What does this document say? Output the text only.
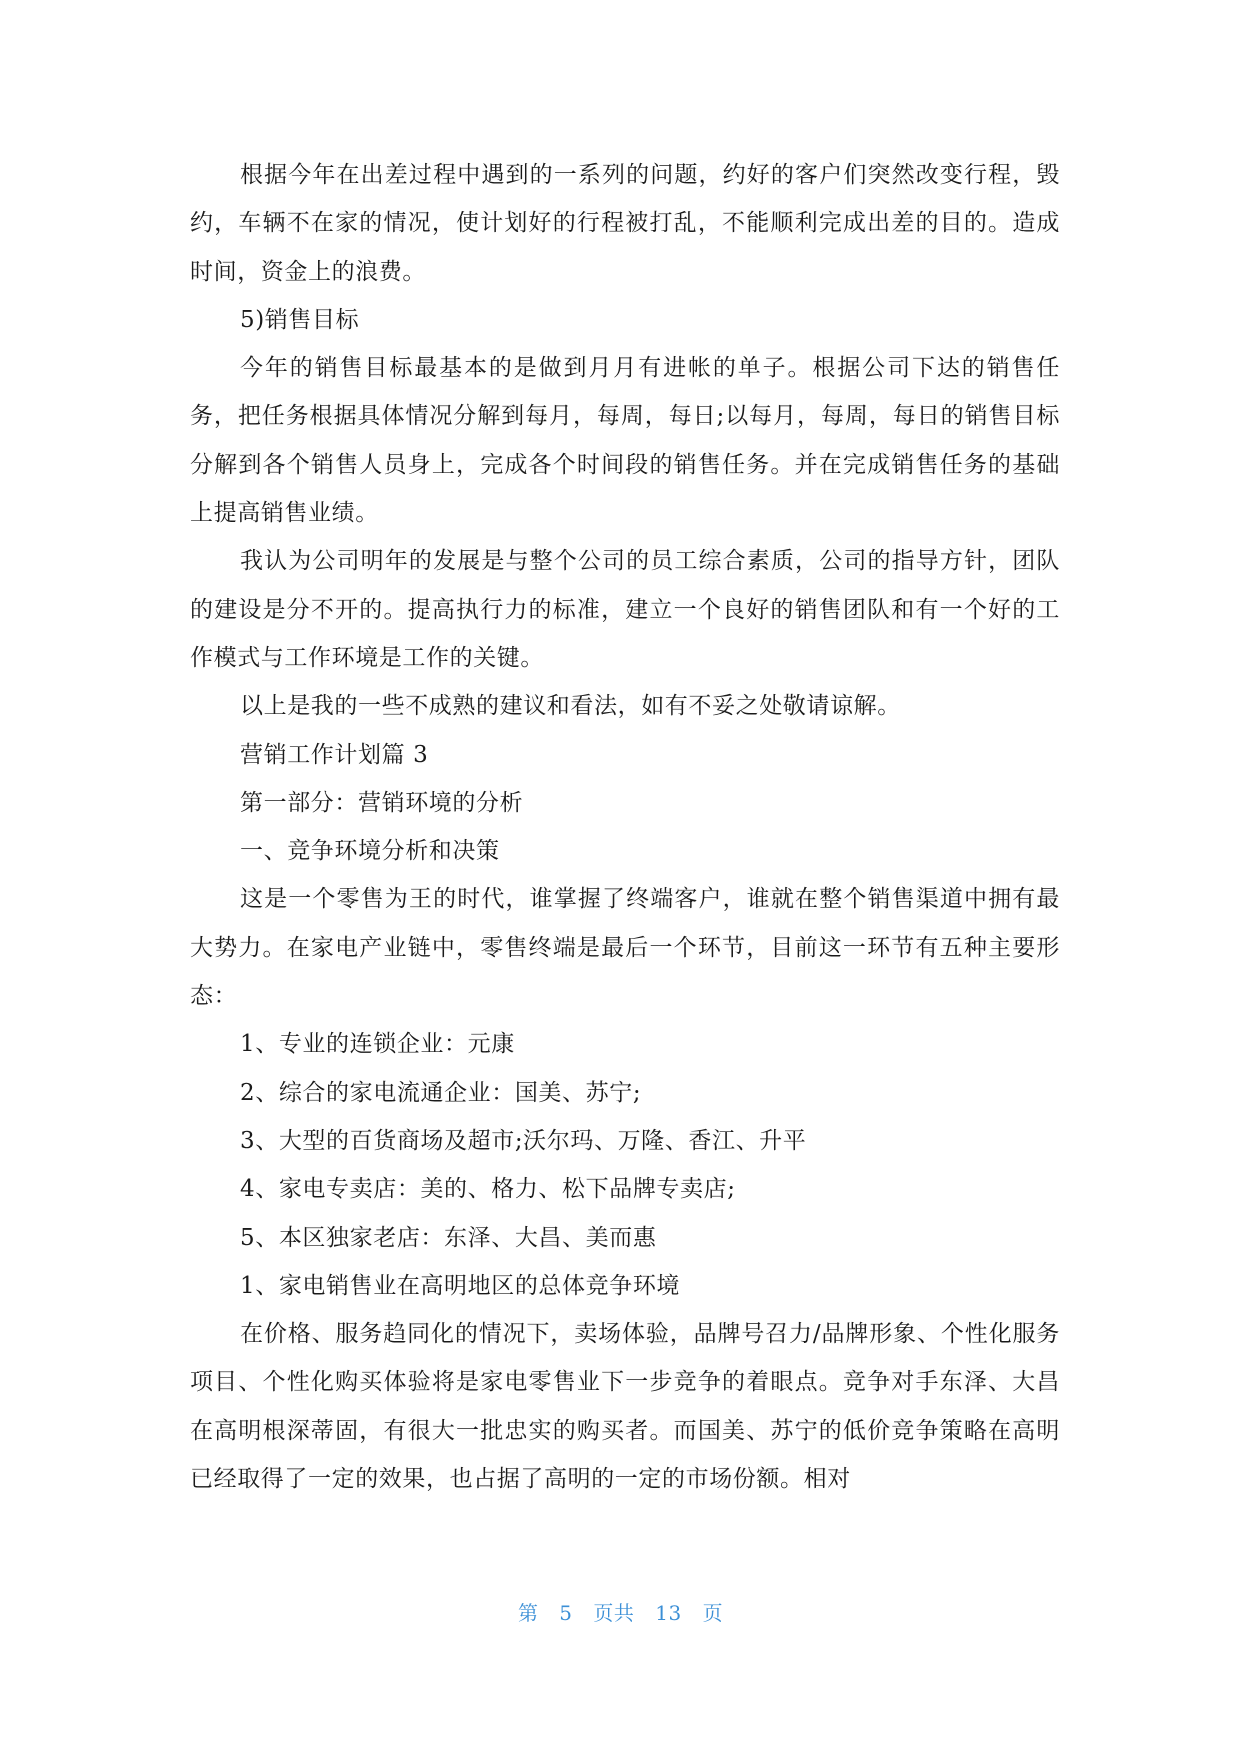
根据今年在出差过程中遇到的一系列的问题，约好的客户们突然改变行程，毁约，车辆不在家的情况，使计划好的行程被打乱，不能顺利完成出差的目的。造成时间，资金上的浪费。

5)销售目标

今年的销售目标最基本的是做到月月有进帐的单子。根据公司下达的销售任务，把任务根据具体情况分解到每月，每周，每日;以每月，每周，每日的销售目标分解到各个销售人员身上，完成各个时间段的销售任务。并在完成销售任务的基础上提高销售业绩。

我认为公司明年的发展是与整个公司的员工综合素质，公司的指导方针，团队的建设是分不开的。提高执行力的标准，建立一个良好的销售团队和有一个好的工作模式与工作环境是工作的关键。

以上是我的一些不成熟的建议和看法，如有不妥之处敬请谅解。

营销工作计划篇 3

第一部分：营销环境的分析

一、竞争环境分析和决策

这是一个零售为王的时代，谁掌握了终端客户，谁就在整个销售渠道中拥有最大势力。在家电产业链中，零售终端是最后一个环节，目前这一环节有五种主要形态：

1、专业的连锁企业：元康

2、综合的家电流通企业：国美、苏宁;

3、大型的百货商场及超市;沃尔玛、万隆、香江、升平

4、家电专卖店：美的、格力、松下品牌专卖店;

5、本区独家老店：东泽、大昌、美而惠

1、家电销售业在高明地区的总体竞争环境

在价格、服务趋同化的情况下，卖场体验，品牌号召力/品牌形象、个性化服务项目、个性化购买体验将是家电零售业下一步竞争的着眼点。竞争对手东泽、大昌在高明根深蒂固，有很大一批忠实的购买者。而国美、苏宁的低价竞争策略在高明已经取得了一定的效果，也占据了高明的一定的市场份额。相对

第 5 页共 13 页
